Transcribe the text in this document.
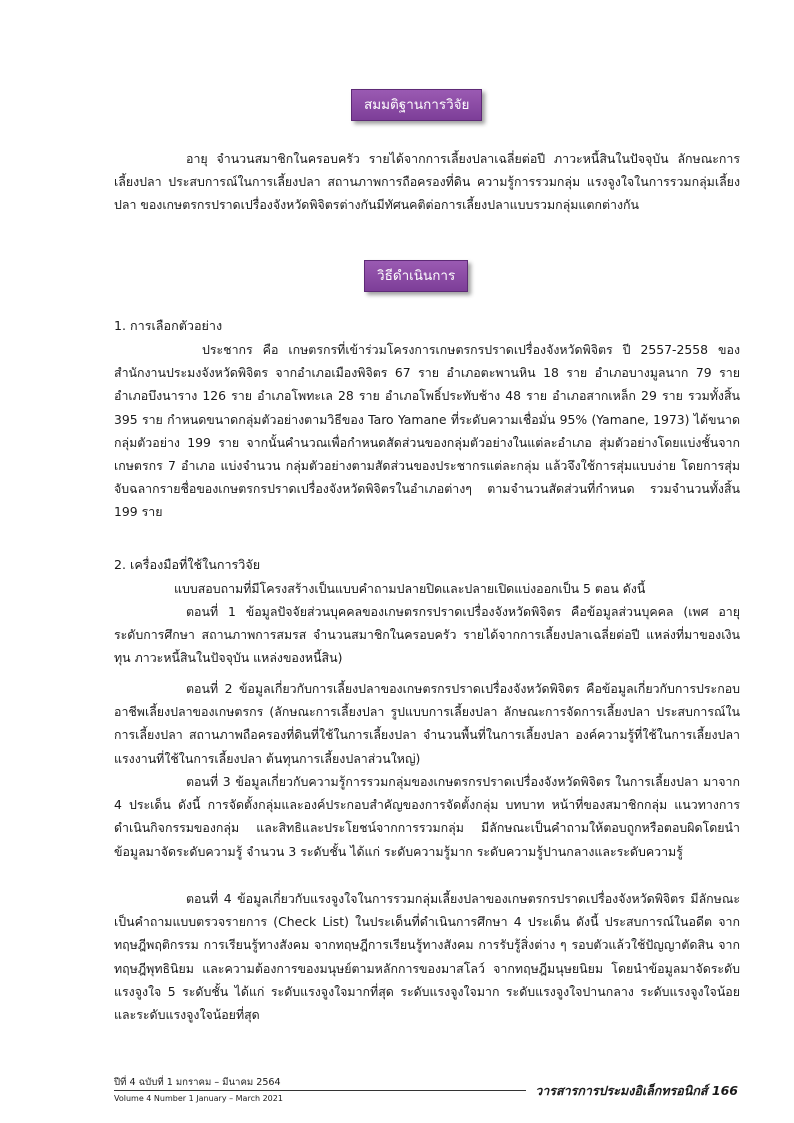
สมมติฐานการวิจัย

อายุ จำนวนสมาชิกในครอบครัว รายได้จากการเลี้ยงปลาเฉลี่ยต่อปี ภาวะหนี้สินในปัจจุบัน ลักษณะการเลี้ยงปลา ประสบการณ์ในการเลี้ยงปลา สถานภาพการถือครองที่ดิน ความรู้การรวมกลุ่ม แรงจูงใจในการรวมกลุ่มเลี้ยงปลา ของเกษตรกรปราดเปรื่องจังหวัดพิจิตรต่างกันมีทัศนคติต่อการเลี้ยงปลาแบบรวมกลุ่มแตกต่างกัน

วิธีดำเนินการ

1. การเลือกตัวอย่าง

ประชากร คือ เกษตรกรที่เข้าร่วมโครงการเกษตรกรปราดเปรื่องจังหวัดพิจิตร ปี 2557-2558 ของสำนักงานประมงจังหวัดพิจิตร จากอำเภอเมืองพิจิตร 67 ราย อำเภอตะพานหิน 18 ราย อำเภอบางมูลนาก 79 ราย อำเภอบึงนาราง 126 ราย อำเภอโพทะเล 28 ราย อำเภอโพธิ์ประทับช้าง 48 ราย อำเภอสากเหล็ก 29 ราย รวมทั้งสิ้น 395 ราย กำหนดขนาดกลุ่มตัวอย่างตามวิธีของ Taro Yamane ที่ระดับความเชื่อมั่น 95% (Yamane, 1973) ได้ขนาดกลุ่มตัวอย่าง 199 ราย จากนั้นคำนวณเพื่อกำหนดสัดส่วนของกลุ่มตัวอย่างในแต่ละอำเภอ สุ่มตัวอย่างโดยแบ่งชั้นจากเกษตรกร 7 อำเภอ แบ่งจำนวน กลุ่มตัวอย่างตามสัดส่วนของประชากรแต่ละกลุ่ม แล้วจึงใช้การสุ่มแบบง่าย โดยการสุ่มจับฉลากรายชื่อของเกษตรกรปราดเปรื่องจังหวัดพิจิตรในอำเภอต่างๆ ตามจำนวนสัดส่วนที่กำหนด รวมจำนวนทั้งสิ้น 199 ราย

2. เครื่องมือที่ใช้ในการวิจัย

แบบสอบถามที่มีโครงสร้างเป็นแบบคำถามปลายปิดและปลายเปิดแบ่งออกเป็น 5 ตอน ดังนี้

ตอนที่ 1 ข้อมูลปัจจัยส่วนบุคคลของเกษตรกรปราดเปรื่องจังหวัดพิจิตร คือข้อมูลส่วนบุคคล (เพศ อายุ ระดับการศึกษา สถานภาพการสมรส จำนวนสมาชิกในครอบครัว รายได้จากการเลี้ยงปลาเฉลี่ยต่อปี แหล่งที่มาของเงินทุน ภาวะหนี้สินในปัจจุบัน แหล่งของหนี้สิน)

ตอนที่ 2 ข้อมูลเกี่ยวกับการเลี้ยงปลาของเกษตรกรปราดเปรื่องจังหวัดพิจิตร คือข้อมูลเกี่ยวกับการประกอบอาชีพเลี้ยงปลาของเกษตรกร (ลักษณะการเลี้ยงปลา รูปแบบการเลี้ยงปลา ลักษณะการจัดการเลี้ยงปลา ประสบการณ์ในการเลี้ยงปลา สถานภาพถือครองที่ดินที่ใช้ในการเลี้ยงปลา จำนวนพื้นที่ในการเลี้ยงปลา องค์ความรู้ที่ใช้ในการเลี้ยงปลา แรงงานที่ใช้ในการเลี้ยงปลา ต้นทุนการเลี้ยงปลาส่วนใหญ่)

ตอนที่ 3 ข้อมูลเกี่ยวกับความรู้การรวมกลุ่มของเกษตรกรปราดเปรื่องจังหวัดพิจิตร ในการเลี้ยงปลา มาจาก 4 ประเด็น ดังนี้ การจัดตั้งกลุ่มและองค์ประกอบสำคัญของการจัดตั้งกลุ่ม บทบาท หน้าที่ของสมาชิกกลุ่ม แนวทางการดำเนินกิจกรรมของกลุ่ม และสิทธิและประโยชน์จากการรวมกลุ่ม มีลักษณะเป็นคำถามให้ตอบถูกหรือตอบผิดโดยนำข้อมูลมาจัดระดับความรู้ จำนวน 3 ระดับชั้น ได้แก่ ระดับความรู้มาก ระดับความรู้ปานกลางและระดับความรู้

ตอนที่ 4 ข้อมูลเกี่ยวกับแรงจูงใจในการรวมกลุ่มเลี้ยงปลาของเกษตรกรปราดเปรื่องจังหวัดพิจิตร มีลักษณะเป็นคำถามแบบตรวจรายการ (Check List) ในประเด็นที่ดำเนินการศึกษา 4 ประเด็น ดังนี้ ประสบการณ์ในอดีต จากทฤษฎีพฤติกรรม การเรียนรู้ทางสังคม จากทฤษฎีการเรียนรู้ทางสังคม การรับรู้สิ่งต่าง ๆ รอบตัวแล้วใช้ปัญญาตัดสิน จากทฤษฎีพุทธินิยม และความต้องการของมนุษย์ตามหลักการของมาสโลว์ จากทฤษฎีมนุษยนิยม โดยนำข้อมูลมาจัดระดับแรงจูงใจ 5 ระดับชั้น ได้แก่ ระดับแรงจูงใจมากที่สุด ระดับแรงจูงใจมาก ระดับแรงจูงใจปานกลาง ระดับแรงจูงใจน้อย และระดับแรงจูงใจน้อยที่สุด

ปีที่ 4 ฉบับที่ 1 มกราคม – มีนาคม 2564
Volume 4 Number 1 January – March 2021
วารสารการประมงอิเล็กทรอนิกส์ 166
